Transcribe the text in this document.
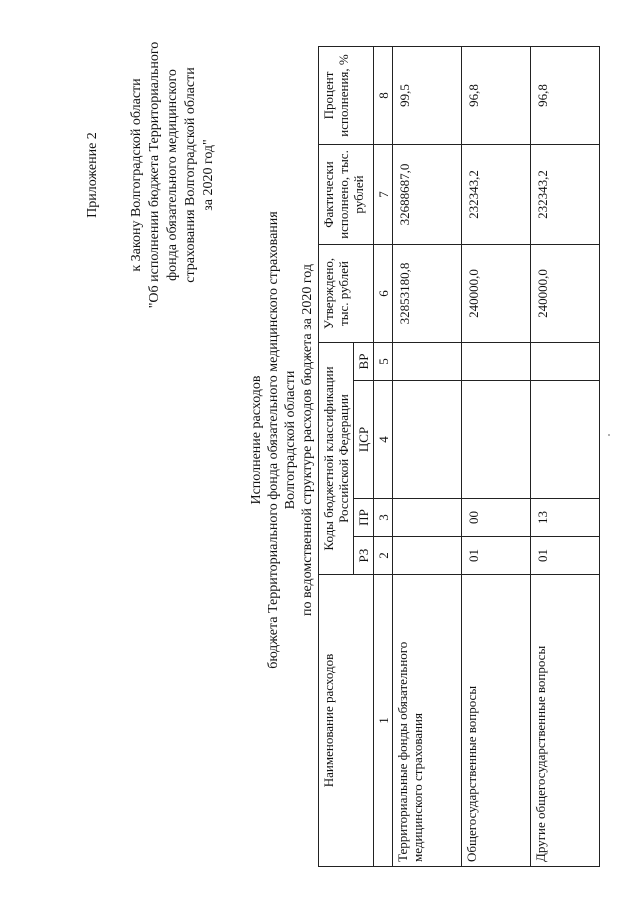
Приложение 2 к Закону Волгоградской области "Об исполнении бюджета Территориального фонда обязательного медицинского страхования Волгоградской области за 2020 год"
Исполнение расходов бюджета Территориального фонда обязательного медицинского страхования Волгоградской области по ведомственной структуре расходов бюджета за 2020 год
Наименование расходов	Коды бюджетной классификации Российской Федерации				Утверждено, тыс. рублей	Фактически исполнено, тыс. рублей	Процент исполнения, %
	РЗ	ПР	ЦСР	ВР			
1	2	3	4	5	6	7	8
Территориальные фонды обязательного медицинского страхования					32853180,8	32688687,0	99,5
Общегосударственные вопросы	01	00			240000,0	232343,2	96,8
Другие общегосударственные вопросы	01	13			240000,0	232343,2	96,8
